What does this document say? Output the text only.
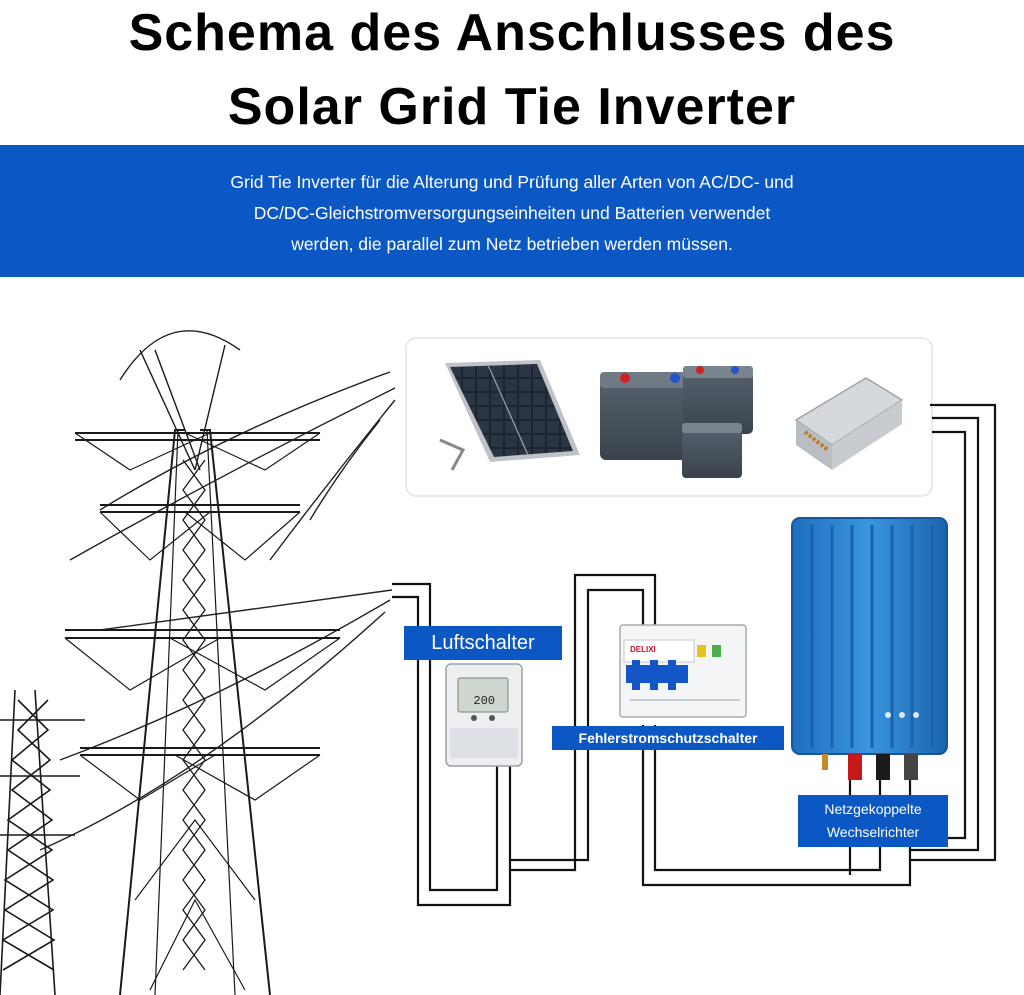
Schema des Anschlusses des
Solar Grid Tie Inverter
Grid Tie Inverter für die Alterung und Prüfung aller Arten von AC/DC- und
DC/DC-Gleichstromversorgungseinheiten und Batterien verwendet
werden, die parallel zum Netz betrieben werden müssen.
200
DELIXI
Luftschalter
Fehlerstromschutzschalter
Netzgekoppelte
Wechselrichter
